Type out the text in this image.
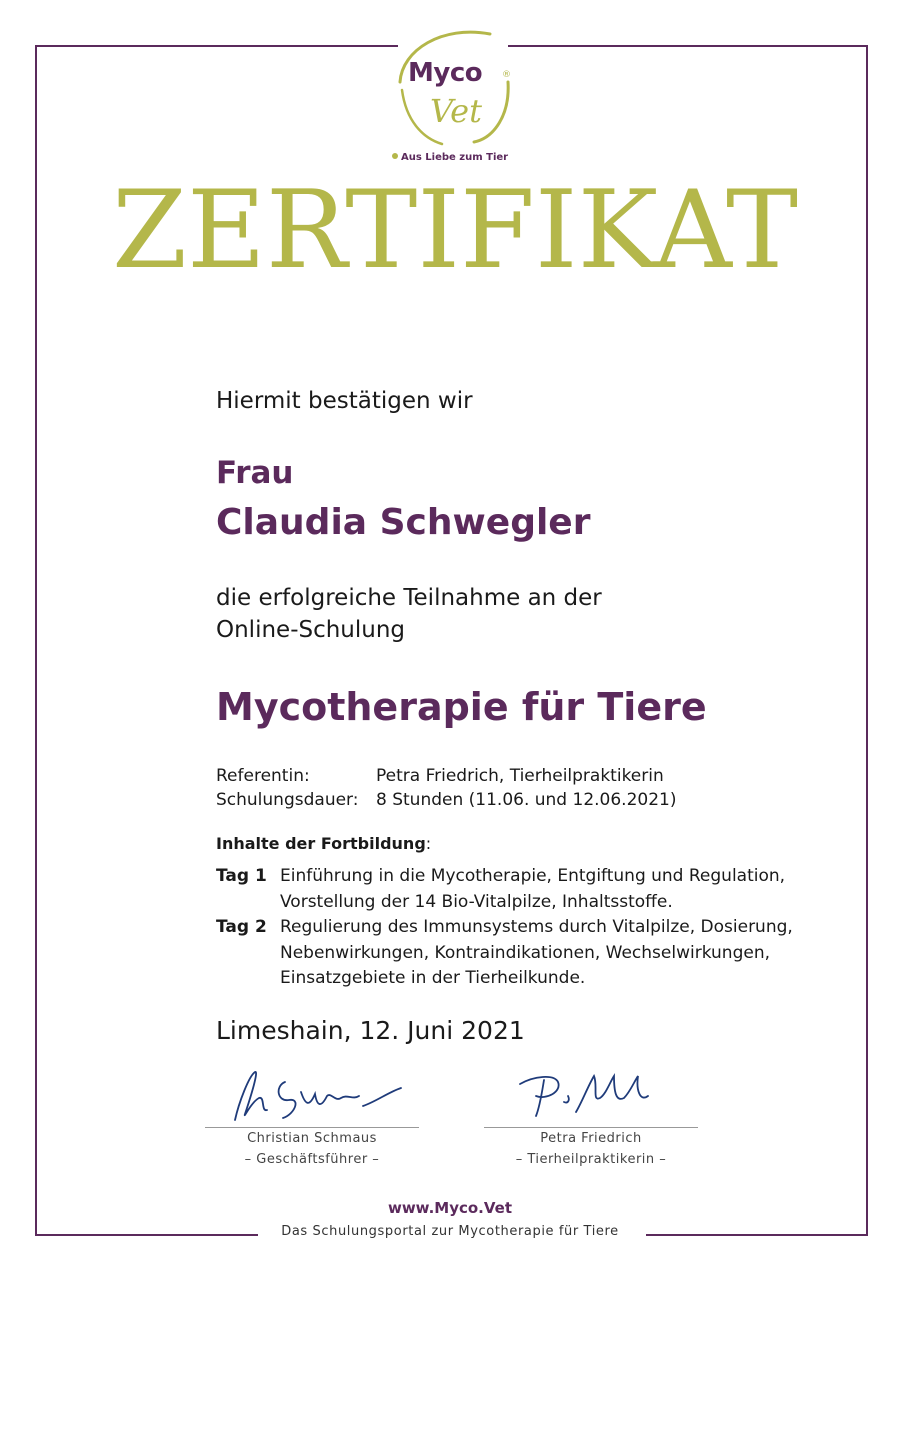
Myco ®
Vet
Aus Liebe zum Tier
ZERTIFIKAT
Hiermit bestätigen wir
Frau
Claudia Schwegler
die erfolgreiche Teilnahme an der
Online-Schulung
Mycotherapie für Tiere
Referentin:	Petra Friedrich, Tierheilpraktikerin
Schulungsdauer: 8 Stunden (11.06. und 12.06.2021)
Inhalte der Fortbildung:
Tag 1 Einführung in die Mycotherapie, Entgiftung und Regulation, Vorstellung der 14 Bio-Vitalpilze, Inhaltsstoffe.
Tag 2 Regulierung des Immunsystems durch Vitalpilze, Dosierung, Nebenwirkungen, Kontraindikationen, Wechselwirkungen, Einsatzgebiete in der Tierheilkunde.
Limeshain, 12. Juni 2021
Christian Schmaus
– Geschäftsführer –
Petra Friedrich
– Tierheilpraktikerin –
www.Myco.Vet
Das Schulungsportal zur Mycotherapie für Tiere
